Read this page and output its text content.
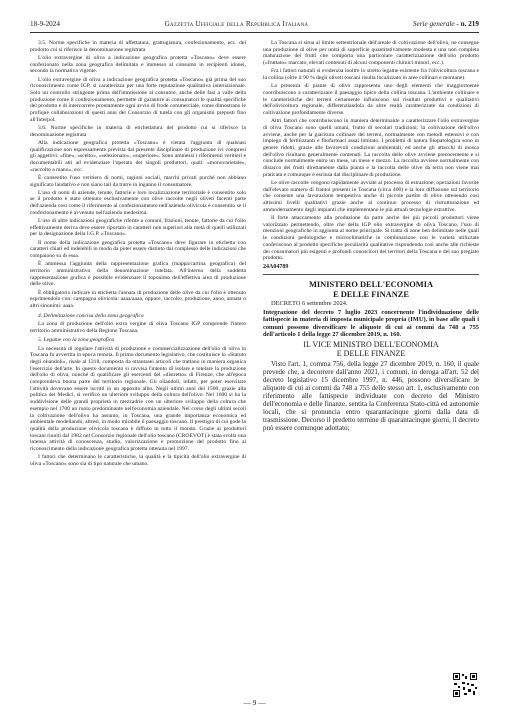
18-9-2024	Gazzetta Ufficiale della Repubblica Italiana	Serie generale - n. 219

3.5. Norme specifiche in materia di affettatura, grattugiatura, confezionamento, ecc. del prodotto cui si riferisce la denominazione registrata

L'olio extravergine di oliva a indicazione geografica protetta «Toscano» deve essere confezionato nella zona geografica delimitata e immesso al consumo in recipienti idonei, secondo la normativa vigente.

L'olio extravergine di oliva a indicazione geografica protetta «Toscano» già prima del suo riconoscimento come IGP, si caratterizza per una forte reputazione qualitativa internazionale. Solo un controllo stringente prima dell'immissione al consumo, anche delle fasi a valle della produzione come il confezionamento, permette di garantire ai consumatori le qualità specifiche del prodotto e di intercorrere prontamente ogni avvio di frode commerciale, come dimostrano le profique collaborazioni di questi anni del Consorzio di tutela con gli organismi preposti fino all'Interpol.

3.6. Norme specifiche in materia di etichettatura del prodotto cui si riferisce la denominazione registrata

Alla indicazione geografica protetta «Toscano» è vietata l'aggiunta di qualsiasi qualificazione non espressamente prevista dal presente disciplinare di produzione ivi compresi gli aggettivi: «fine», «scelto», «selezionato», «superiore». Sono ammessi i riferimenti veritieri e documentabili atti ad evidenziare l'operato dei singoli produttori, quali: «monovarietale», «raccolto a mano», ecc.

È consentito l'uso veritiero di nomi, ragioni sociali, marchi privati purché non abbiano significato laudativo e non siano tali da trarre in inganno il consumatore.

L'uso di nomi di aziende, tenute, fattorie e loro localizzazione territoriale è consentito solo se il prodotto è stato ottenuto esclusivamente con olive raccolte negli oliveti facenti parte dell'azienda così come il riferimento al confezionamento nell'azienda olivicola è consentito se il confezionamento è avvenuto nell'azienda medesima.

L'uso di altre indicazioni geografiche riferite a comuni, frazioni, tenute, fattorie da cui l'olio effettivamente deriva deve essere riportato in caratteri non superiori alla metà di quelli utilizzati per la designazione della I.G.P. «Toscano».

Il nome della indicazione geografica protetta «Toscano» deve figurare in etichetta con caratteri chiari ed indelebili in modo da poter essere distinto dal complesso delle indicazioni che compaiono su di essa.

È ammessa l'aggiunta della rappresentazione grafica (mappa/cartina geografica) del territorio amministrativo della denominazione tutelata. All'interno della suddetta rappresentazione grafica è possibile evidenziare il toponimo dell'effettiva area di produzione delle olive.

È obbligatorio indicare in etichetta l'annata di produzione delle olive da cui l'olio è ottenuto esprimendolo con: campagna olivicola: aaaa/aaaa, oppure, raccolto, produzione, anno, annata o altri sinonimi: aaaa.

4. Delimitazione concisa della zona geografica

La zona di produzione dell'olio extra vergine di oliva Toscano IGP comprende l'intero territorio amministrativo della Regione Toscana.

5. Legame con la zona geografica

La necessità di regolare l'attività di produzione e commercializzazione dell'olio di oliva in Toscana fu avvertita in epoca remota. Il primo documento legislativo, che costituisce lo «Statuto degli oliandoli», risale al 1318, composta da ottantasei articoli che trattano in maniera organica l'esercizio dell'arte. In questo documento si ravvisa l'intento di isolare e tutelare la produzione dell'olio di oliva, nonché di qualificare gli esercenti del «distretto» di Firenze, che all'epoca comprendeva buona parte del territorio regionale. Gli oliandoli, infatti, per poter esercitare l'attività dovevano essere iscritti in un apposito albo. Negli ultimi anni del 1500, grazie alla politica dei Medici, si verificò un ulteriore sviluppo della coltura dell'olivo. Nel 1600 si ha la suddivisione delle grandi proprietà in mezzadrie con un ulteriore sviluppo della coltura che esempio nel 1700 un ruolo predominante nell'economia aziendale. Nel corso degli ultimi secoli la coltivazione dell'olivo ha assunto, in Toscana, una grande importanza economica ed ambientale modellando, altresì, in modo mirabile il paesaggio toscano. Il prestigio di cui gode la qualità della produzione olivicola toscana è diffuso in tutto il mondo. Grazie ai produttori toscani riuniti dal 1982 nel Consorzio regionale dell'olio toscano (CROEVOT) è stata svolta una intensa attività di conoscenza, studio, valorizzazione e promozione del prodotto fino al riconoscimento della indicazione geografica protetta ottenuta nel 1997.

I fattori che determinano le caratteristiche, la qualità e la tipicità dell'olio extravergine di oliva «Toscano» sono sia di tipo naturale che umano.

La Toscana si situa al limite settentrionale dell'areale di coltivazione dell'olivo, ne consegue una produzione di olive per unità di superficie quantitativamente modesta e una non completa maturazione dei frutti che comporta una particolare caratterizzazione dell'olio prodotto («fruttato» marcato, elevati contenuti di alcuni componenti chimici minori, ecc.).

Fra i fattori naturali si evidenzia inoltre lo stretto legame esistente fra l'olivicoltura toscana e la collina (oltre il 90 % degli oliveti toscani risulta localizzato in aree collinari e montane).

La presenza di piante di olivo rappresenta uno degli elementi che maggiormente contribuiscono a caratterizzare il paesaggio tipico della collina toscana. L'ambiente collinare e le caratteristiche dei terreni certamente influiscono sui risultati produttivi e qualitativi dell'olivicoltura regionale, differenziandola da altre realtà caratterizzate da condizioni di coltivazione profondamente diverse.

Altri fattori che contribuiscono in maniera determinante a caratterizzare l'olio extravergine di oliva Toscano sono quelli umani, frutto di secolari tradizioni: la coltivazione dell'olivo avviene, anche per la giacitura collinare dei terreni, normalmente con metodi estensivi e con impiego di fertilizzanti e fitofarmaci assai limitato. I problemi di natura fitopatologica sono in genere ridotti, grazie alle favorevoli condizioni ambientali, ed anche gli attacchi di mosca dell'olivo risultano generalmente contenuti. La raccolta delle olive avviene precocemente e si conclude normalmente entro un mese, un mese e mezzo. La raccolta avviene normalmente con distacco dei frutti direttamente dalla pianta e la raccolta delle olive da terra non viene mai praticata e comunque è esclusa dal disciplinare di produzione.

Le olive raccolte vengono rapidamente avviate al processo di estrazione, operazioni favorite dall'elevato numero di frantoi presenti in Toscana (circa 400) e la loro diffusione sul territorio che consente una lavorazione tempestiva anche di piccole partite di olive ottenendo così altissimi livelli qualitativi grazie anche al continuo processo di ristrutturazione ed ammodernamento degli impianti che implementano le più attuali tecnologie estrattive.

Il forte attaccamento alla produzione da parte anche dei più piccoli produttori viene valorizzato permettendo, oltre che della IGP olio extravergine di oliva Toscano, l'uso di menzioni geografiche in aggiunta al nome principale. Si tratta di zone ben delimitate nelle quali le condizioni pedologiche e microclimatiche in combinazione con le varietà utilizzate conferiscono al prodotto specifiche peculiarità qualitative rispondendo così anche alle richieste dei consumatori più esigenti e profondi conoscitori dei territori della Toscana e del suo pregiato prodotto.

24A04789

MINISTERO DELL'ECONOMIA
E DELLE FINANZE

DECRETO 6 settembre 2024.

Integrazione del decreto 7 luglio 2023 concernente l'individuazione delle fattispecie in materia di imposta municipale propria (IMU), in base alle quali i comuni possono diversificare le aliquote di cui ai commi da 748 a 755 dell'articolo 1 della legge 27 dicembre 2019, n. 160.

IL VICE MINISTRO DELL'ECONOMIA
E DELLE FINANZE

Visto l'art. 1, comma 756, della legge 27 dicembre 2019, n. 160, il quale prevede che, a decorrere dall'anno 2021, i comuni, in deroga all'art. 52 del decreto legislativo 15 dicembre 1997, n. 446, possono diversificare le aliquote di cui ai commi da 748 a 755 dello stesso art. 1, esclusivamente con riferimento alle fattispecie individuate con decreto del Ministro dell'economia e delle finanze, sentita la Conferenza Stato-città ed autonomie locali, che si pronuncia entro quarantacinque giorni dalla data di trasmissione. Decorso il predetto termine di quarantacinque giorni, il decreto può essere comunque adottato;

— 9 —
